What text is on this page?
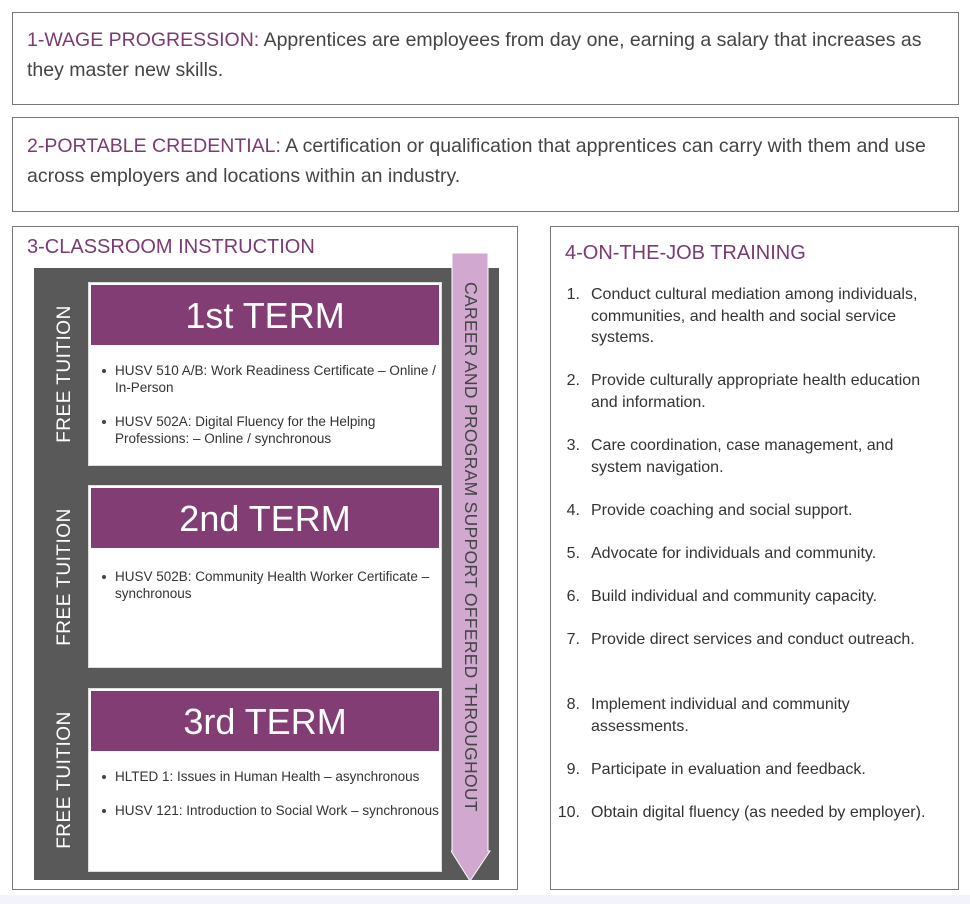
1-WAGE PROGRESSION: Apprentices are employees from day one, earning a salary that increases as they master new skills.
2-PORTABLE CREDENTIAL: A certification or qualification that apprentices can carry with them and use across employers and locations within an industry.
3-CLASSROOM INSTRUCTION
FREE TUITION
FREE TUITION
FREE TUITION
1st TERM
HUSV 510 A/B: Work Readiness Certificate – Online / In-Person
HUSV 502A: Digital Fluency for the Helping Professions: – Online / synchronous
2nd TERM
HUSV 502B: Community Health Worker Certificate – synchronous
3rd TERM
HLTED 1: Issues in Human Health – asynchronous
HUSV 121: Introduction to Social Work – synchronous CAREER AND PROGRAM SUPPORT OFFERED THROUGHOUT
4-ON-THE-JOB TRAINING
1. Conduct cultural mediation among individuals, communities, and health and social service systems.
2. Provide culturally appropriate health education and information.
3. Care coordination, case management, and system navigation.
4. Provide coaching and social support.
5. Advocate for individuals and community.
6. Build individual and community capacity.
7. Provide direct services and conduct outreach.
8. Implement individual and community assessments.
9. Participate in evaluation and feedback.
10. Obtain digital fluency (as needed by employer).
